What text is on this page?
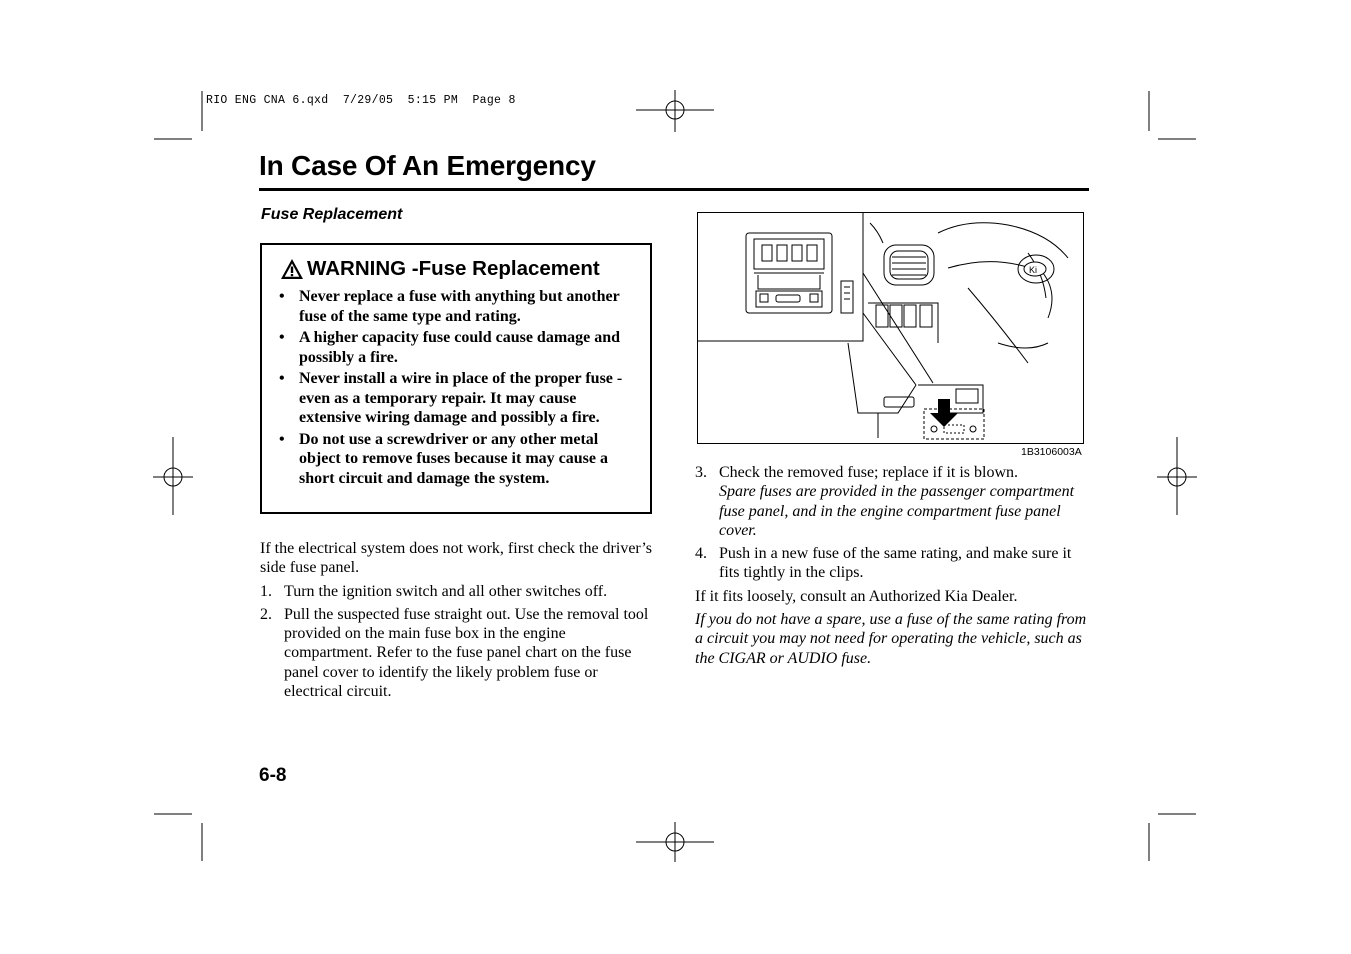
RIO ENG CNA 6.qxd  7/29/05  5:15 PM  Page 8
In Case Of An Emergency
Fuse Replacement
WARNING -Fuse Replacement
• Never replace a fuse with anything but another fuse of the same type and rating.
• A higher capacity fuse could cause damage and possibly a fire.
• Never install a wire in place of the proper fuse - even as a temporary repair. It may cause extensive wiring damage and possibly a fire.
• Do not use a screwdriver or any other metal object to remove fuses because it may cause a short circuit and damage the system.

If the electrical system does not work, first check the driver’s side fuse panel.

1. Turn the ignition switch and all other switches off.
2. Pull the suspected fuse straight out. Use the removal tool provided on the main fuse box in the engine compartment. Refer to the fuse panel chart on the fuse panel cover to identify the likely problem fuse or electrical circuit.
Ki
1B3106003A
3. Check the removed fuse; replace if it is blown.
Spare fuses are provided in the passenger compartment fuse panel, and in the engine compartment fuse panel cover.
4. Push in a new fuse of the same rating, and make sure it fits tightly in the clips.

If it fits loosely, consult an Authorized Kia Dealer.

If you do not have a spare, use a fuse of the same rating from a circuit you may not need for operating the vehicle, such as the CIGAR or AUDIO fuse.

6-8
